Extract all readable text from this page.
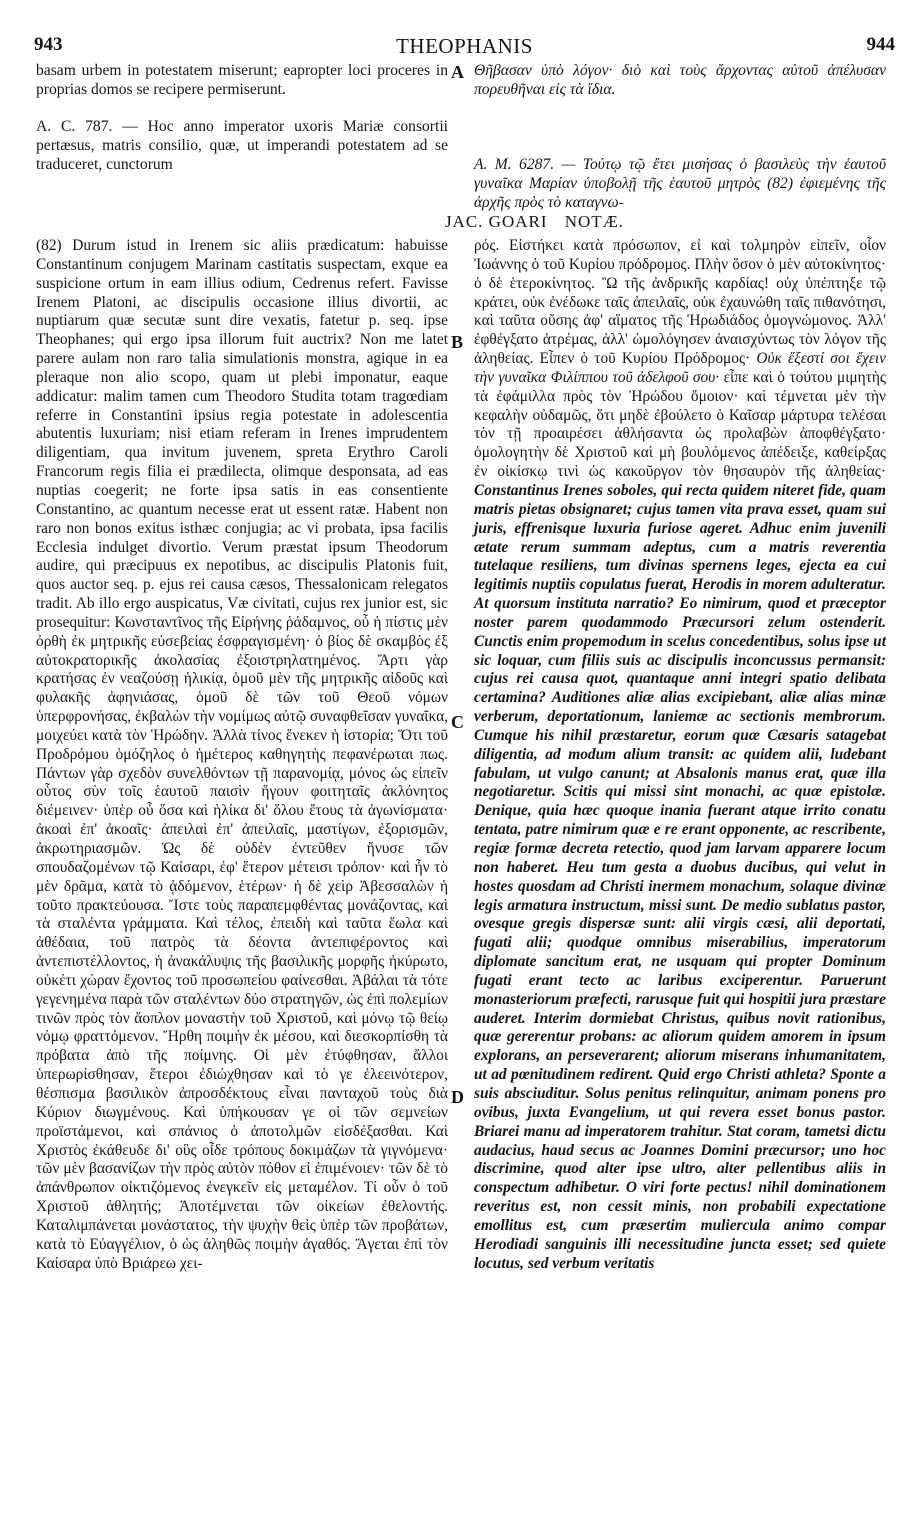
943	THEOPHANIS	944

basam urbem in potestatem miserunt; eapropter loci proceres in proprias domos se recipere permiserunt.

A. C. 787. — Hoc anno imperator uxoris Mariæ consortii pertæsus, matris consilio, quæ, ut imperandi potestatem ad se traduceret, cunctorum

Θῆβασαν ὑπὸ λόγον· διὸ καὶ τοὺς ἄρχοντας αὐτοῦ ἀπέλυσαν πορευθῆναι εἰς τὰ ἴδια.

A. M. 6287. — Τούτῳ τῷ ἔτει μισήσας ὁ βασιλεὺς τὴν ἑαυτοῦ γυναῖκα Μαρίαν ὑποβολῇ τῆς ἑαυτοῦ μητρὸς (82) ἐφιεμένης τῆς ἀρχῆς πρὸς τὸ καταγνω-

JAC. GOARI NOTÆ.
A
B
C
D

(82) Durum istud in Irenem sic aliis prædicatum: habuisse Constantinum conjugem Marinam castitatis suspectam, exque ea suspicione ortum in eam illius odium, Cedrenus refert. Favisse Irenem Platoni, ac discipulis occasione illius divortii, ac nuptiarum quæ secutæ sunt dire vexatis, fatetur p. seq. ipse Theophanes; qui ergo ipsa illorum fuit auctrix? Non me latet parere aulam non raro talia simulationis monstra, agique in ea pleraque non alio scopo, quam ut plebi imponatur, eaque addicatur: malim tamen cum Theodoro Studita totam tragœdiam referre in Constantini ipsius regia potestate in adolescentia abutentis luxuriam; nisi etiam referam in Irenes imprudentem diligentiam, qua invitum juvenem, spreta Erythro Caroli Francorum regis filia ei prædilecta, olimque desponsata, ad eas nuptias coegerit; ne forte ipsa satis in eas consentiente Constantino, ac quantum necesse erat ut essent ratæ. Habent non raro non bonos exitus isthæc conjugia; ac vi probata, ipsa facilis Ecclesia indulget divortio. Verum præstat ipsum Theodorum audire, qui præcipuus ex nepotibus, ac discipulis Platonis fuit, quos auctor seq. p. ejus rei causa cæsos, Thessalonicam relegatos tradit. Ab illo ergo auspicatus, Væ civitati, cujus rex junior est, sic prosequitur: Κωνσταντῖνος τῆς Εἰρήνης ῥάδαμνος, οὗ ἡ πίστις μὲν ὀρθὴ ἐκ μητρικῆς εὐσεβείας ἐσφραγισμένη· ὁ βίος δὲ σκαμβὸς ἐξ αὐτοκρατορικῆς ἀκολασίας ἐξοιστρηλατημένος. Ἄρτι γὰρ κρατήσας ἐν νεαζούσῃ ἡλικίᾳ, ὁμοῦ μὲν τῆς μητρικῆς αἰδοῦς καὶ φυλακῆς ἀφηνιάσας, ὁμοῦ δὲ τῶν τοῦ Θεοῦ νόμων ὑπερφρονήσας, ἐκβαλὼν τὴν νομίμως αὐτῷ συναφθεῖσαν γυναῖκα, μοιχεύει κατὰ τὸν Ἡρώδην. Ἀλλὰ τίνος ἕνεκεν ἡ ἱστορία; Ὅτι τοῦ Προδρόμου ὁμόζηλος ὁ ἡμέτερος καθηγητὴς πεφανέρωται πως. Πάντων γὰρ σχεδὸν συνελθόντων τῇ παρανομίᾳ, μόνος ὡς εἰπεῖν οὗτος σὺν τοῖς ἑαυτοῦ παισὶν ἥγουν φοιτηταῖς ἀκλόνητος διέμεινεν· ὑπὲρ οὗ ὅσα καὶ ἡλίκα δι' ὅλου ἔτους τὰ ἀγωνίσματα· ἀκοαὶ ἐπ' ἀκοαῖς· ἀπειλαὶ ἐπ' ἀπειλαῖς, μαστίγων, ἐξορισμῶν, ἀκρωτηριασμῶν. Ὡς δὲ οὐδὲν ἐντεῦθεν ἤνυσε τῶν σπουδαζομένων τῷ Καίσαρι, ἐφ' ἕτερον μέτεισι τρόπον· καὶ ἦν τὸ μὲν δρᾶμα, κατὰ τὸ ᾀδόμενον, ἑτέρων· ἡ δὲ χεὶρ Ἀβεσσαλὼν ἡ τοῦτο πρακτεύουσα. Ἴστε τοὺς παραπεμφθέντας μονάζοντας, καὶ τὰ σταλέντα γράμματα. Καὶ τέλος, ἐπειδὴ καὶ ταῦτα ἕωλα καὶ ἀθέδαια, τοῦ πατρὸς τὰ δέοντα ἀντεπιφέροντος καὶ ἀντεπιστέλλοντος, ἡ ἀνακάλυψις τῆς βασιλικῆς μορφῆς ἠκύρωτο, οὐκέτι χώραν ἔχοντος τοῦ προσωπείου φαίνεσθαι. Ἀβάλαι τὰ τότε γεγενημένα παρὰ τῶν σταλέντων δύο στρατηγῶν, ὡς ἐπὶ πολεμίων τινῶν πρὸς τὸν ἄοπλον μοναστὴν τοῦ Χριστοῦ, καὶ μόνῳ τῷ θείῳ νόμῳ φραττόμενον. Ἤρθη ποιμὴν ἐκ μέσου, καὶ διεσκορπίσθη τὰ πρόβατα ἀπὸ τῆς ποίμνης. Οἱ μὲν ἐτύφθησαν, ἄλλοι ὑπερωρίσθησαν, ἕτεροι ἐδιώχθησαν καὶ τὸ γε ἐλεεινότερον, θέσπισμα βασιλικὸν ἀπροσδέκτους εἶναι πανταχοῦ τοὺς διὰ Κύριον διωγμένους. Καὶ ὑπήκουσαν γε οἱ τῶν σεμνείων προϊστάμενοι, καὶ σπάνιος ὁ ἀποτολμῶν εἰσδέξασθαι. Καὶ Χριστὸς ἐκάθευδε δι' οὓς οἶδε τρόπους δοκιμάζων τὰ γιγνόμενα· τῶν μὲν βασανίζων τὴν πρὸς αὐτὸν πόθον εἰ ἐπιμένοιεν· τῶν δὲ τὸ ἀπάνθρωπον οἰκτιζόμενος ἐνεγκεῖν εἰς μεταμέλον. Τί οὖν ὁ τοῦ Χριστοῦ ἀθλητής; Ἀποτέμνεται τῶν οἰκείων ἐθελοντής. Καταλιμπάνεται μονάστατος, τὴν ψυχὴν θεὶς ὑπὲρ τῶν προβάτων, κατὰ τὸ Εὐαγγέλιον, ὁ ὡς ἀληθῶς ποιμὴν ἀγαθός. Ἄγεται ἐπὶ τὸν Καίσαρα ὑπὸ Βριάρεω χει-

ρός. Εἱστήκει κατὰ πρόσωπον, εἰ καὶ τολμηρὸν εἰπεῖν, οἷον Ἰωάννης ὁ τοῦ Κυρίου πρόδρομος. Πλὴν ὅσον ὁ μὲν αὐτοκίνητος· ὁ δὲ ἑτεροκίνητος. Ὢ τῆς ἀνδρικῆς καρδίας! οὐχ ὑπέπτηξε τῷ κράτει, οὐκ ἐνέδωκε ταῖς ἀπειλαῖς, οὐκ ἐχαυνώθη ταῖς πιθανότησι, καὶ ταῦτα οὔσης ἀφ' αἵματος τῆς Ἡρωδιάδος ὁμογνώμονος. Ἀλλ' ἐφθέγξατο ἀτρέμας, ἀλλ' ὡμολόγησεν ἀναισχύντως τὸν λόγον τῆς ἀληθείας. Εἶπεν ὁ τοῦ Κυρίου Πρόδρομος· Οὐκ ἔξεστί σοι ἔχειν τὴν γυναῖκα Φιλίππου τοῦ ἀδελφοῦ σου· εἶπε καὶ ὁ τούτου μιμητὴς τὰ ἐφάμιλλα πρὸς τὸν Ἡρώδου ὅμοιον· καὶ τέμνεται μὲν τὴν κεφαλὴν οὐδαμῶς, ὅτι μηδὲ ἐβούλετο ὁ Καῖσαρ μάρτυρα τελέσαι τὸν τῇ προαιρέσει ἀθλήσαντα ὡς προλαβὼν ἀποφθέγξατο· ὁμολογητὴν δὲ Χριστοῦ καὶ μὴ βουλόμενος ἀπέδειξε, καθείρξας ἐν οἰκίσκῳ τινὶ ὡς κακοῦργον τὸν θησαυρὸν τῆς ἀληθείας· Constantinus Irenes soboles, qui recta quidem niteret fide, quam matris pietas obsignaret; cujus tamen vita prava esset, quam sui juris, effrenisque luxuria furiose ageret. Adhuc enim juvenili ætate rerum summam adeptus, cum a matris reverentia tutelaque resiliens, tum divinas spernens leges, ejecta ea cui legitimis nuptiis copulatus fuerat, Herodis in morem adulteratur. At quorsum instituta narratio? Eo nimirum, quod et præceptor noster parem quodammodo Præcursori zelum ostenderit. Cunctis enim propemodum in scelus concedentibus, solus ipse ut sic loquar, cum filiis suis ac discipulis inconcussus permansit: cujus rei causa quot, quantaque anni integri spatio delibata certamina? Auditiones aliæ alias excipiebant, aliæ alias minæ verberum, deportationum, laniemæ ac sectionis membrorum. Cumque his nihil præstaretur, eorum quæ Cæsaris satagebat diligentia, ad modum alium transit: ac quidem alii, ludebant fabulam, ut vulgo canunt; at Absalonis manus erat, quæ illa negotiaretur. Scitis qui missi sint monachi, ac quæ epistolæ. Denique, quia hæc quoque inania fuerant atque irrito conatu tentata, patre nimirum quæ e re erant opponente, ac rescribente, regiæ formæ decreta retectio, quod jam larvam apparere locum non haberet. Heu tum gesta a duobus ducibus, qui velut in hostes quosdam ad Christi inermem monachum, solaque divinæ legis armatura instructum, missi sunt. De medio sublatus pastor, ovesque gregis dispersæ sunt: alii virgis cæsi, alii deportati, fugati alii; quodque omnibus miserabilius, imperatorum diplomate sancitum erat, ne usquam qui propter Dominum fugati erant tecto ac laribus exciperentur. Paruerunt monasteriorum præfecti, rarusque fuit qui hospitii jura præstare auderet. Interim dormiebat Christus, quibus novit rationibus, quæ gererentur probans: ac aliorum quidem amorem in ipsum explorans, an perseverarent; aliorum miserans inhumanitatem, ut ad pœnitudinem redirent. Quid ergo Christi athleta? Sponte a suis absciuditur. Solus penitus relinquitur, animam ponens pro ovibus, juxta Evangelium, ut qui revera esset bonus pastor. Briarei manu ad imperatorem trahitur. Stat coram, tametsi dictu audacius, haud secus ac Joannes Domini præcursor; uno hoc discrimine, quod alter ipse ultro, alter pellentibus aliis in conspectum adhibetur. O viri forte pectus! nihil dominationem reveritus est, non cessit minis, non probabili expectatione emollitus est, cum præsertim muliercula animo compar Herodiadi sanguinis illi necessitudine juncta esset; sed quiete locutus, sed verbum veritatis
